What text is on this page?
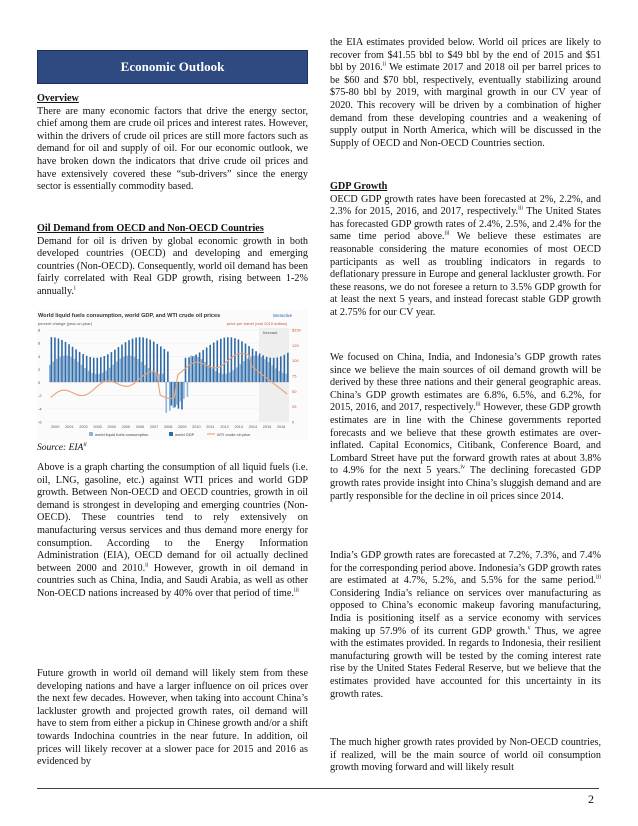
Economic Outlook

Overview

There are many economic factors that drive the energy sector, chief among them are crude oil prices and interest rates. However, within the drivers of crude oil prices are still more factors such as demand for oil and supply of oil. For our economic outlook, we have broken down the indicators that drive crude oil prices and have extensively covered these “sub-drivers” since the energy sector is essentially commodity based.

Oil Demand from OECD and Non-OECD Countries

Demand for oil is driven by global economic growth in both developed countries (OECD) and developing and emerging countries (Non-OECD). Consequently, world oil demand has been fairly correlated with Real GDP growth, rising between 1-2% annually.$^i$

World liquid fuels consumption, world GDP, and WTI crude oil prices	interactive
percent change (year-on-year)	price per barrel (real 2010 dollars)
8
6
4
2
0
-2
-4
-6
$150
125
100
75
50
25
0
forecast
2000 2001 2002 2003 2004 2005 2006 2007 2008 2009 2010 2011 2012 2013 2014 2015 2016
world liquid fuels consumption	world GDP	WTI crude oil price

Source: EIA$^{ii}$

Above is a graph charting the consumption of all liquid fuels (i.e. oil, LNG, gasoline, etc.) against WTI prices and world GDP growth. Between Non-OECD and OECD countries, growth in oil demand is strongest in developing and emerging countries (Non-OECD). These countries tend to rely extensively on manufacturing versus services and thus demand more energy for consumption. According to the Energy Information Administration (EIA), OECD demand for oil actually declined between 2000 and 2010.$^{ii}$ However, growth in oil demand in countries such as China, India, and Saudi Arabia, as well as other Non-OECD nations increased by 40% over that period of time.$^{iii}$

Future growth in world oil demand will likely stem from these developing nations and have a larger influence on oil prices over the next few decades. However, when taking into account China’s lackluster growth and projected growth rates, oil demand will have to stem from either a pickup in Chinese growth and/or a shift towards Indochina countries in the near future. In addition, oil prices will likely recover at a slower pace for 2015 and 2016 as evidenced by

the EIA estimates provided below. World oil prices are likely to recover from $41.55 bbl to $49 bbl by the end of 2015 and $51 bbl by 2016.$^{ii}$ We estimate 2017 and 2018 oil per barrel prices to be $60 and $70 bbl, respectively, eventually stabilizing around $75-80 bbl by 2019, with marginal growth in our CV year of 2020. This recovery will be driven by a combination of higher demand from these developing countries and a weakening of supply output in North America, which will be discussed in the Supply of OECD and Non-OECD Countries section.

GDP Growth

OECD GDP growth rates have been forecasted at 2%, 2.2%, and 2.3% for 2015, 2016, and 2017, respectively.$^{iii}$ The United States has forecasted GDP growth rates of 2.4%, 2.5%, and 2.4% for the same time period above.$^{iii}$ We believe these estimates are reasonable considering the mature economies of most OECD participants as well as troubling indicators in regards to deflationary pressure in Europe and general lackluster growth. For these reasons, we do not foresee a return to 3.5% GDP growth for at least the next 5 years, and instead forecast stable GDP growth at 2.75% for our CV year.

We focused on China, India, and Indonesia’s GDP growth rates since we believe the main sources of oil demand growth will be derived by these three nations and their general geographic areas. China’s GDP growth estimates are 6.8%, 6.5%, and 6.2%, for 2015, 2016, and 2017, respectively.$^{iii}$ However, these GDP growth estimates are in line with the Chinese governments reported forecasts and we believe that these growth estimates are over-inflated. Capital Economics, Citibank, Conference Board, and Lombard Street have put the forward growth rates at about 3.8% to 4.9% for the next 5 years.$^{iv}$ The declining forecasted GDP growth rates provide insight into China’s sluggish demand and are partly responsible for the decline in oil prices since 2014.

India’s GDP growth rates are forecasted at 7.2%, 7.3%, and 7.4% for the corresponding period above. Indonesia’s GDP growth rates are estimated at 4.7%, 5.2%, and 5.5% for the same period.$^{iii}$ Considering India’s reliance on services over manufacturing as opposed to China’s economic makeup favoring manufacturing, India is positioning itself as a service economy with services making up 57.9% of its current GDP growth.$^v$ Thus, we agree with the estimates provided. In regards to Indonesia, their resilient manufacturing growth will be tested by the coming interest rate rise by the United States Federal Reserve, but we believe that the estimates provided have accounted for this uncertainty in its growth rates.

The much higher growth rates provided by Non-OECD countries, if realized, will be the main source of world oil consumption growth moving forward and will likely result

2
